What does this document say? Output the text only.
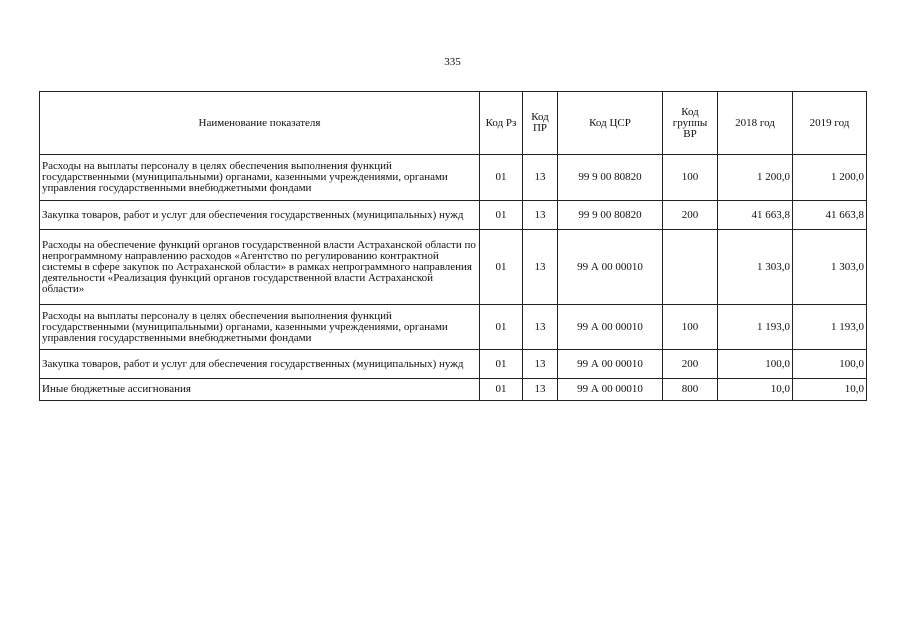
335
Наименование показателя	Код Рз	Код ПР	Код ЦСР	Код группы ВР	2018 год	2019 год
Расходы на выплаты персоналу в целях обеспечения выполнения функций государственными (муниципальными) органами, казенными учреждениями, органами управления государственными внебюджетными фондами	01	13	99 9 00 80820	100	1 200,0	1 200,0
Закупка товаров, работ и услуг для обеспечения государственных (муниципальных) нужд	01	13	99 9 00 80820	200	41 663,8	41 663,8
Расходы на обеспечение функций органов государственной власти Астраханской области по непрограммному направлению расходов «Агентство по регулированию контрактной системы в сфере закупок по Астраханской области» в рамках непрограммного направления деятельности «Реализация функций органов государственной власти Астраханской области»	01	13	99 А 00 00010		1 303,0	1 303,0
Расходы на выплаты персоналу в целях обеспечения выполнения функций государственными (муниципальными) органами, казенными учреждениями, органами управления государственными внебюджетными фондами	01	13	99 А 00 00010	100	1 193,0	1 193,0
Закупка товаров, работ и услуг для обеспечения государственных (муниципальных) нужд	01	13	99 А 00 00010	200	100,0	100,0
Иные бюджетные ассигнования	01	13	99 А 00 00010	800	10,0	10,0
